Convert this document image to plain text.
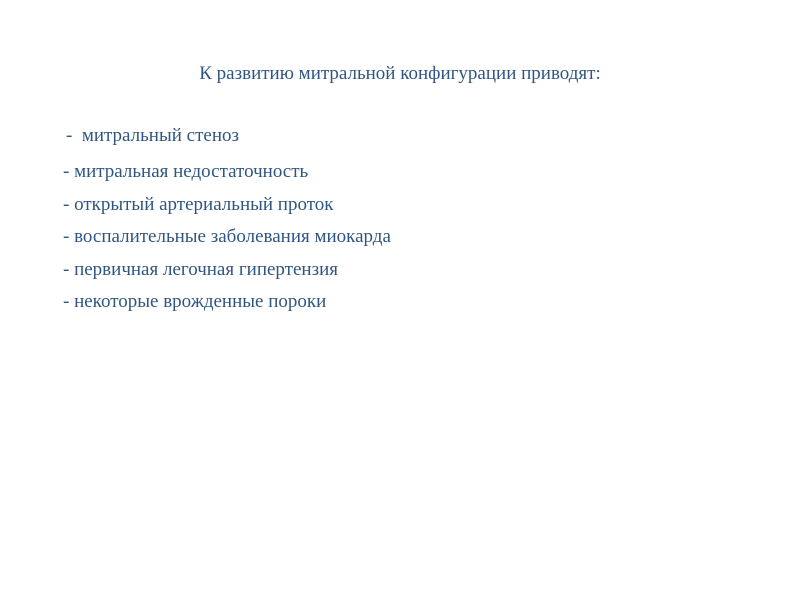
К развитию митральной конфигурации приводят:
-  митральный стеноз
- митральная недостаточность
- открытый артериальный проток
- воспалительные заболевания миокарда
- первичная легочная гипертензия
- некоторые врожденные пороки
